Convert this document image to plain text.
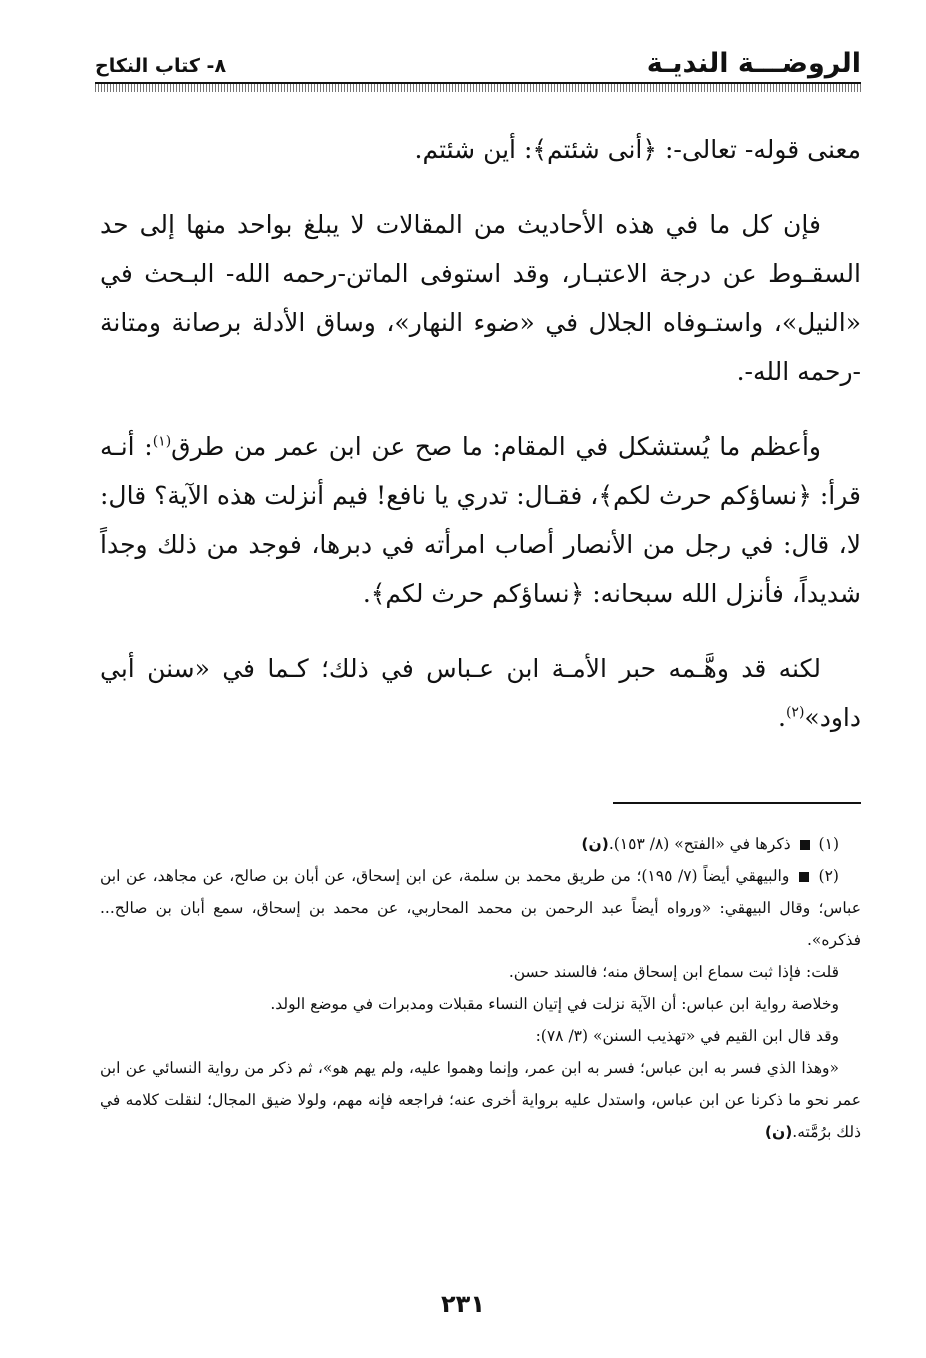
الروضـــة النديـة
٨- كتاب النكاح

معنى قوله- تعالى-: ﴿أنى شئتم﴾: أين شئتم.

فإن كل ما في هذه الأحاديث من المقالات لا يبلغ بواحد منها إلى حد السقـوط عن درجة الاعتبـار، وقد استوفى الماتن-رحمه الله- البـحث في «النيل»، واستـوفاه الجلال في «ضوء النهار»، وساق الأدلة برصانة ومتانة -رحمه الله-.

وأعظم ما يُستشكل في المقام: ما صح عن ابن عمر من طرق$^{(١)}$: أنـه قرأ: ﴿نساؤكم حرث لكم﴾، فقـال: تدري يا نافع! فيم أنزلت هذه الآية؟ قال: لا، قال: في رجل من الأنصار أصاب امرأته في دبرها، فوجد من ذلك وجداً شديداً، فأنزل الله سبحانه: ﴿نساؤكم حرث لكم﴾.

لكنه قد وهَّـمه حبر الأمـة ابن عـباس في ذلك؛ كـما في «سنن أبي داود»$^{(٢)}$.

(١)  ذكرها في «الفتح» (٨/ ١٥٣).(ن)

(٢)  والبيهقي أيضاً (٧/ ١٩٥)؛ من طريق محمد بن سلمة، عن ابن إسحاق، عن أبان بن صالح، عن مجاهد، عن ابن عباس؛ وقال البيهقي: «ورواه أيضاً عبد الرحمن بن محمد المحاربي، عن محمد بن إسحاق، سمع أبان بن صالح... فذكره».

قلت: فإذا ثبت سماع ابن إسحاق منه؛ فالسند حسن.

وخلاصة رواية ابن عباس: أن الآية نزلت في إتيان النساء مقبلات ومدبرات في موضع الولد.

وقد قال ابن القيم في «تهذيب السنن» (٣/ ٧٨):

«وهذا الذي فسر به ابن عباس؛ فسر به ابن عمر، وإنما وهموا عليه، ولم يهم هو»، ثم ذكر من رواية النسائي عن ابن عمر نحو ما ذكرنا عن ابن عباس، واستدل عليه برواية أخرى عنه؛ فراجعه فإنه مهم، ولولا ضيق المجال؛ لنقلت كلامه في ذلك برُمَّته.(ن)

٢٣١
